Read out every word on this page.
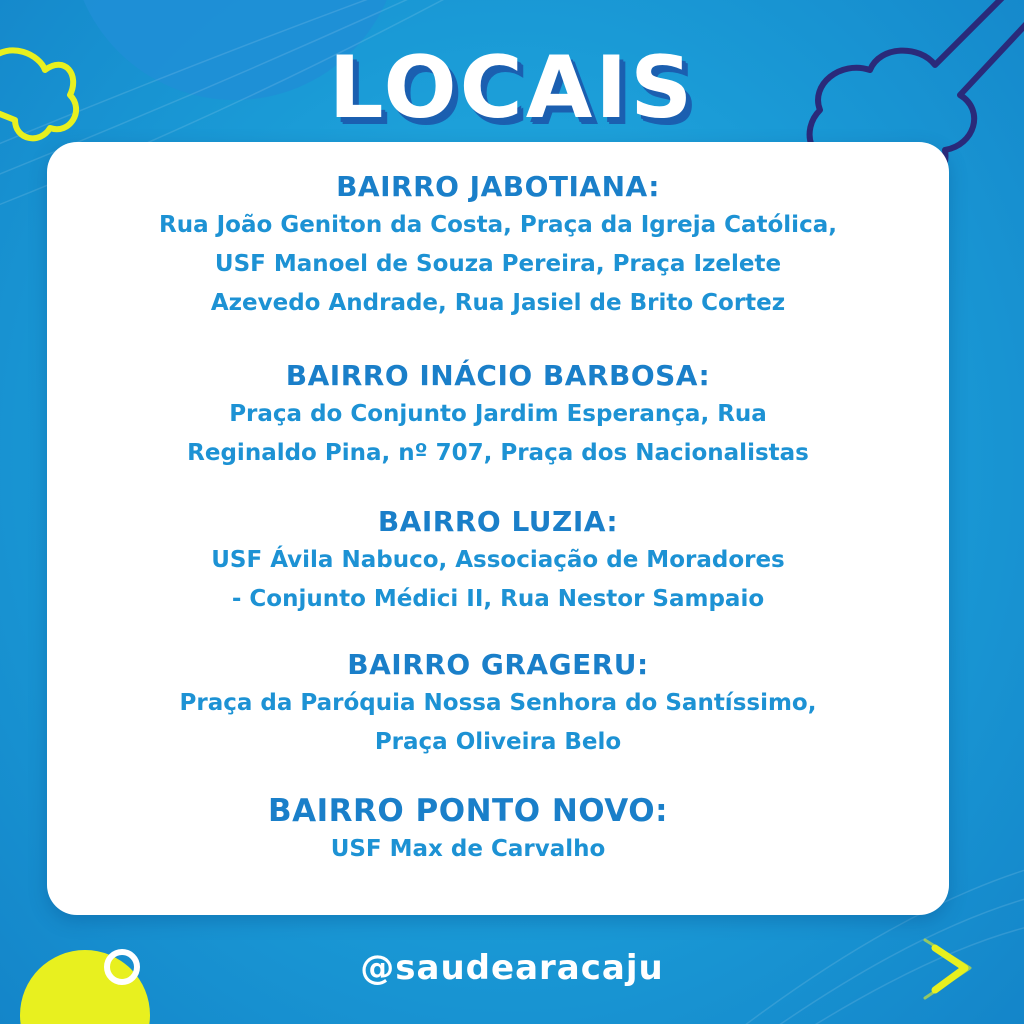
LOCAIS

BAIRRO JABOTIANA:

Rua João Geniton da Costa, Praça da Igreja Católica,

USF Manoel de Souza Pereira, Praça Izelete

Azevedo Andrade, Rua Jasiel de Brito Cortez

BAIRRO INÁCIO BARBOSA:

Praça do Conjunto Jardim Esperança, Rua

Reginaldo Pina, nº 707, Praça dos Nacionalistas

BAIRRO LUZIA:

USF Ávila Nabuco, Associação de Moradores

- Conjunto Médici II, Rua Nestor Sampaio

BAIRRO GRAGERU:

Praça da Paróquia Nossa Senhora do Santíssimo,

Praça Oliveira Belo

BAIRRO PONTO NOVO:

USF Max de Carvalho

@saudearacaju
